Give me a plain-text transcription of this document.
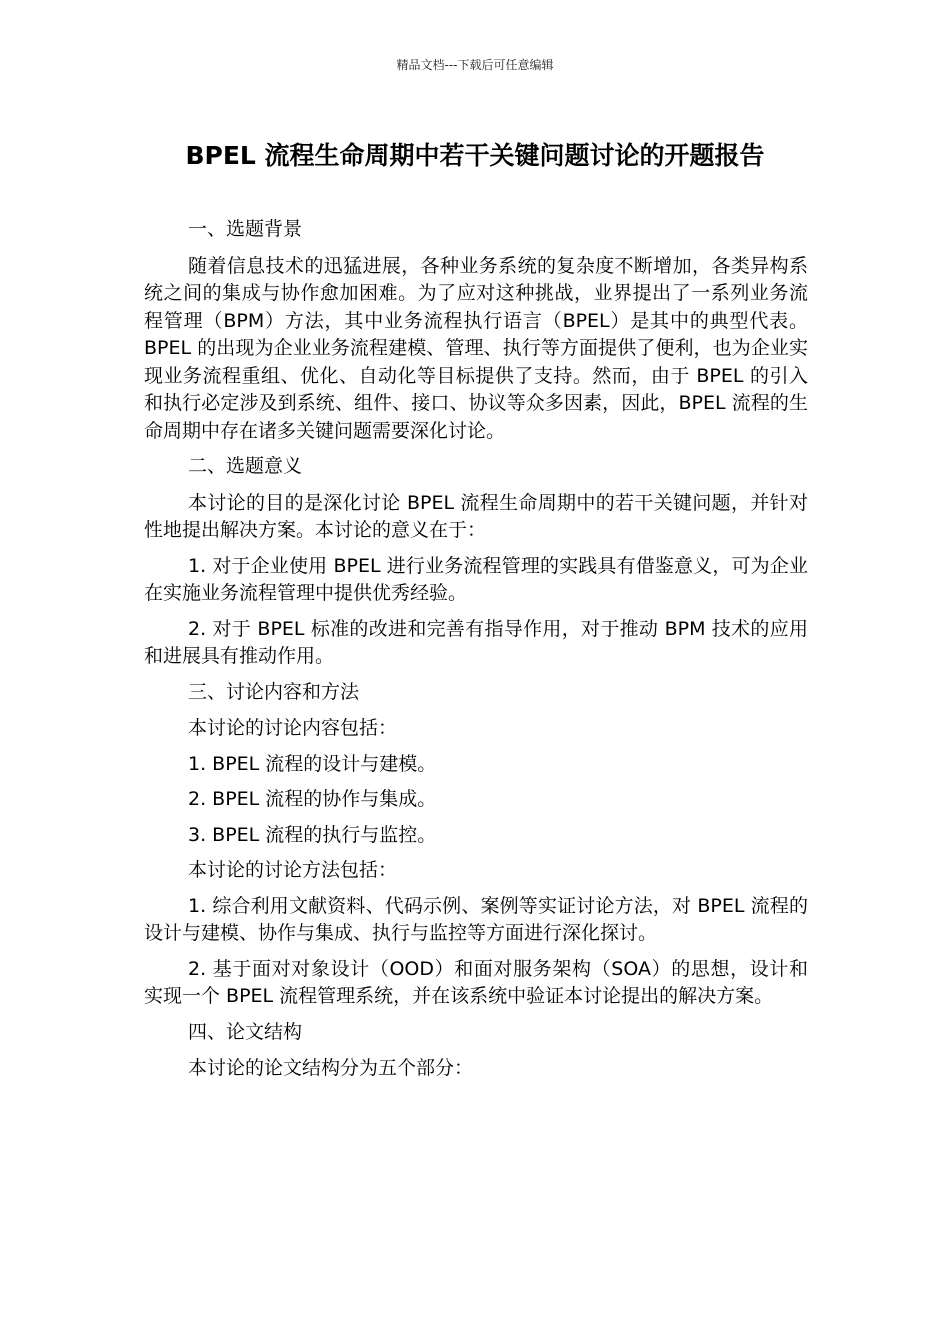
精品文档---下载后可任意编辑
BPEL 流程生命周期中若干关键问题讨论的开题报告

一、选题背景

随着信息技术的迅猛进展，各种业务系统的复杂度不断增加，各类异构系统之间的集成与协作愈加困难。为了应对这种挑战，业界提出了一系列业务流程管理（BPM）方法，其中业务流程执行语言（BPEL）是其中的典型代表。BPEL 的出现为企业业务流程建模、管理、执行等方面提供了便利，也为企业实现业务流程重组、优化、自动化等目标提供了支持。然而，由于 BPEL 的引入和执行必定涉及到系统、组件、接口、协议等众多因素，因此，BPEL 流程的生命周期中存在诸多关键问题需要深化讨论。

二、选题意义

本讨论的目的是深化讨论 BPEL 流程生命周期中的若干关键问题，并针对性地提出解决方案。本讨论的意义在于：

1. 对于企业使用 BPEL 进行业务流程管理的实践具有借鉴意义，可为企业在实施业务流程管理中提供优秀经验。

2. 对于 BPEL 标准的改进和完善有指导作用，对于推动 BPM 技术的应用和进展具有推动作用。

三、讨论内容和方法

本讨论的讨论内容包括：

1. BPEL 流程的设计与建模。

2. BPEL 流程的协作与集成。

3. BPEL 流程的执行与监控。

本讨论的讨论方法包括：

1. 综合利用文献资料、代码示例、案例等实证讨论方法，对 BPEL 流程的设计与建模、协作与集成、执行与监控等方面进行深化探讨。

2. 基于面对对象设计（OOD）和面对服务架构（SOA）的思想，设计和实现一个 BPEL 流程管理系统，并在该系统中验证本讨论提出的解决方案。

四、论文结构

本讨论的论文结构分为五个部分：
